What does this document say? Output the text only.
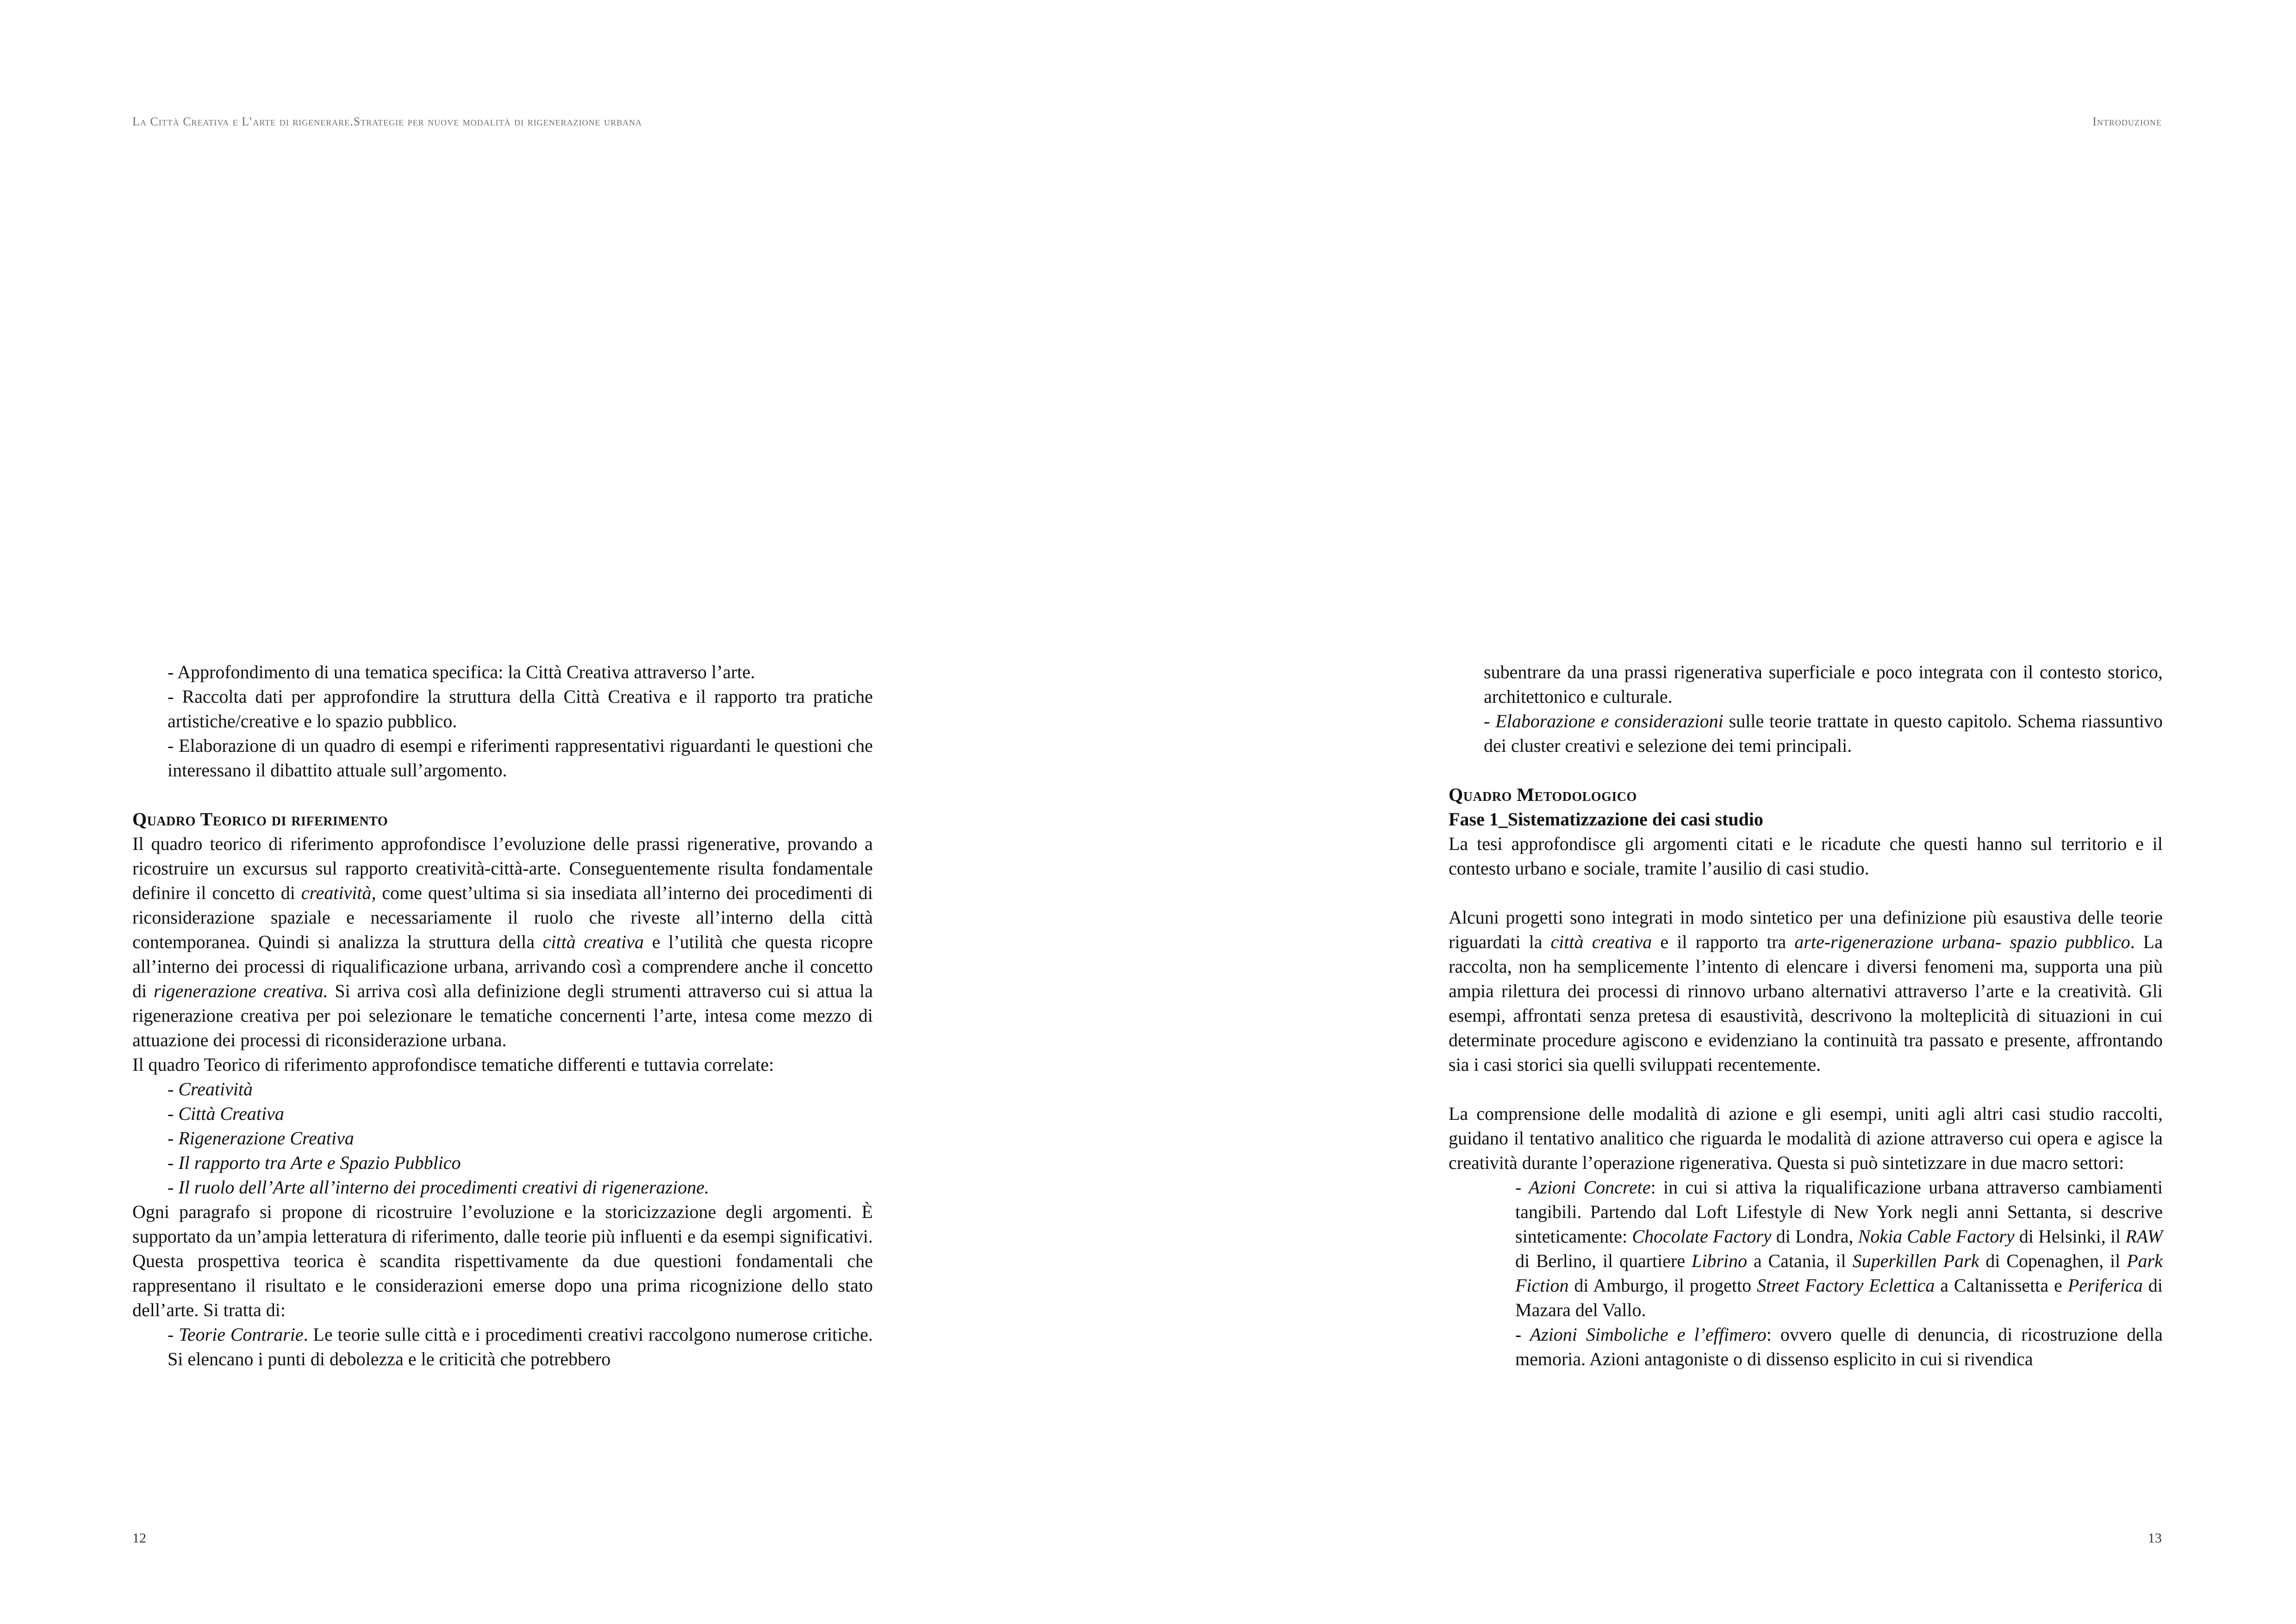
La Città Creativa e L’arte di rigenerare.Strategie per nuove modalità di rigenerazione urbana

- Approfondimento di una tematica specifica: la Città Creativa attraverso l’arte.

- Raccolta dati per approfondire la struttura della Città Creativa e il rapporto tra pratiche artistiche/creative e lo spazio pubblico.

- Elaborazione di un quadro di esempi e riferimenti rappresentativi riguardanti le questioni che interessano il dibattito attuale sull’argomento.

Quadro Teorico di riferimento

Il quadro teorico di riferimento approfondisce l’evoluzione delle prassi rigenerative, provando a ricostruire un excursus sul rapporto creatività-città-arte. Conseguentemente risulta fondamentale definire il concetto di creatività, come quest’ultima si sia insediata all’interno dei procedimenti di riconsiderazione spaziale e necessariamente il ruolo che riveste all’interno della città contemporanea. Quindi si analizza la struttura della città creativa e l’utilità che questa ricopre all’interno dei processi di riqualificazione urbana, arrivando così a comprendere anche il concetto di rigenerazione creativa. Si arriva così alla definizione degli strumenti attraverso cui si attua la rigenerazione creativa per poi selezionare le tematiche concernenti l’arte, intesa come mezzo di attuazione dei processi di riconsiderazione urbana.

Il quadro Teorico di riferimento approfondisce tematiche differenti e tuttavia correlate:

- Creatività

- Città Creativa

- Rigenerazione Creativa

- Il rapporto tra Arte e Spazio Pubblico

- Il ruolo dell’Arte all’interno dei procedimenti creativi di rigenerazione.

Ogni paragrafo si propone di ricostruire l’evoluzione e la storicizzazione degli argomenti. È supportato da un’ampia letteratura di riferimento, dalle teorie più influenti e da esempi significativi. Questa prospettiva teorica è scandita rispettivamente da due questioni fondamentali che rappresentano il risultato e le considerazioni emerse dopo una prima ricognizione dello stato dell’arte. Si tratta di:

- Teorie Contrarie. Le teorie sulle città e i procedimenti creativi raccolgono numerose critiche. Si elencano i punti di debolezza e le criticità che potrebbero

12
Introduzione

subentrare da una prassi rigenerativa superficiale e poco integrata con il contesto storico, architettonico e culturale.

- Elaborazione e considerazioni sulle teorie trattate in questo capitolo. Schema riassuntivo dei cluster creativi e selezione dei temi principali.

Quadro Metodologico

Fase 1_Sistematizzazione dei casi studio

La tesi approfondisce gli argomenti citati e le ricadute che questi hanno sul territorio e il contesto urbano e sociale, tramite l’ausilio di casi studio.

Alcuni progetti sono integrati in modo sintetico per una definizione più esaustiva delle teorie riguardati la città creativa e il rapporto tra arte-rigenerazione urbana- spazio pubblico. La raccolta, non ha semplicemente l’intento di elencare i diversi fenomeni ma, supporta una più ampia rilettura dei processi di rinnovo urbano alternativi attraverso l’arte e la creatività. Gli esempi, affrontati senza pretesa di esaustività, descrivono la molteplicità di situazioni in cui determinate procedure agiscono e evidenziano la continuità tra passato e presente, affrontando sia i casi storici sia quelli sviluppati recentemente.

La comprensione delle modalità di azione e gli esempi, uniti agli altri casi studio raccolti, guidano il tentativo analitico che riguarda le modalità di azione attraverso cui opera e agisce la creatività durante l’operazione rigenerativa. Questa si può sintetizzare in due macro settori:

- Azioni Concrete: in cui si attiva la riqualificazione urbana attraverso cambiamenti tangibili. Partendo dal Loft Lifestyle di New York negli anni Settanta, si descrive sinteticamente: Chocolate Factory di Londra, Nokia Cable Factory di Helsinki, il RAW di Berlino, il quartiere Librino a Catania, il Superkillen Park di Copenaghen, il Park Fiction di Amburgo, il progetto Street Factory Eclettica a Caltanissetta e Periferica di Mazara del Vallo.

- Azioni Simboliche e l’effimero: ovvero quelle di denuncia, di ricostruzione della memoria. Azioni antagoniste o di dissenso esplicito in cui si rivendica

13
